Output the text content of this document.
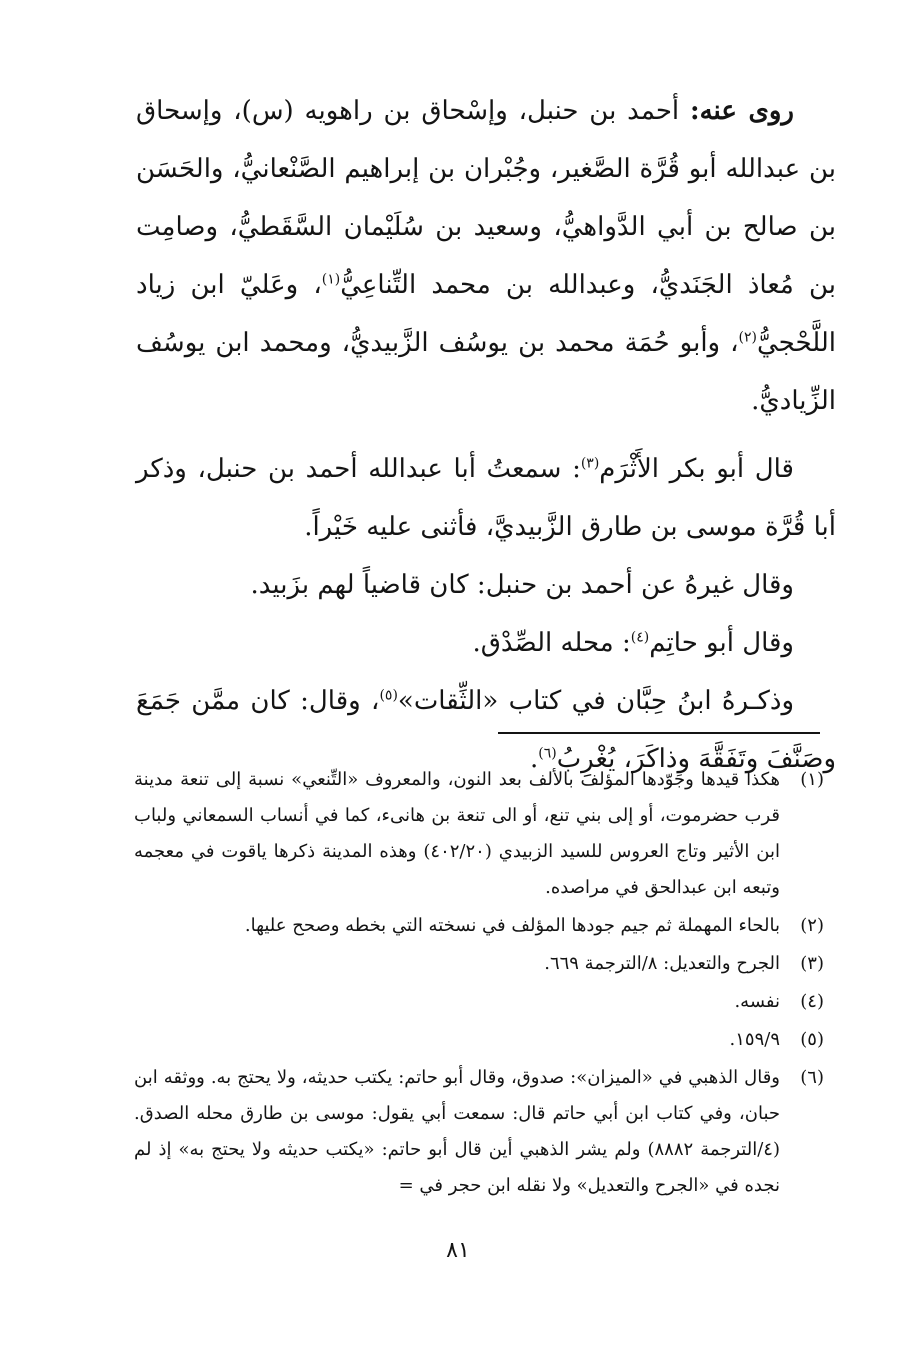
روى عنه: أحمد بن حنبل، وإسْحاق بن راهويه (س)، وإسحاق بن عبدالله أبو قُرَّة الصَّغير، وجُبْران بن إبراهيم الصَّنْعانيُّ، والحَسَن بن صالح بن أبي الدَّواهيُّ، وسعيد بن سُلَيْمان السَّقَطيُّ، وصامِت بن مُعاذ الجَنَديُّ، وعبدالله بن محمد التِّناعِيُّ$^{(١)}$، وعَليّ ابن زياد اللَّحْجيُّ$^{(٢)}$، وأبو حُمَة محمد بن يوسُف الزَّبيديُّ، ومحمد ابن يوسُف الزِّياديُّ.

قال أبو بكر الأَثْرَم$^{(٣)}$: سمعتُ أبا عبدالله أحمد بن حنبل، وذكر أبا قُرَّة موسى بن طارق الزَّبيديَّ، فأثنى عليه خَيْراً.

وقال غيرهُ عن أحمد بن حنبل: كان قاضياً لهم بزَبيد.

وقال أبو حاتِم$^{(٤)}$: محله الصِّدْق.

وذكـرهُ ابنُ حِبَّان في كتاب «الثِّقات»$^{(٥)}$، وقال: كان ممَّن جَمَعَ وصَنَّفَ وتَفَقَّهَ وذاكَرَ، يُغْرِبُ$^{(٦)}$.

(١)
هكذا قيدها وجَوّدها المؤلف بالألف بعد النون، والمعروف «التِّنعي» نسبة إلى تنعة مدينة قرب حضرموت، أو إلى بني تنع، أو الى تنعة بن هانىء، كما في أنساب السمعاني ولباب ابن الأثير وتاج العروس للسيد الزبيدي (٤٠٢/٢٠) وهذه المدينة ذكرها ياقوت في معجمه وتبعه ابن عبدالحق في مراصده.
(٢)
بالحاء المهملة ثم جيم جودها المؤلف في نسخته التي بخطه وصحح عليها.
(٣)
الجرح والتعديل: ٨/الترجمة ٦٦٩.
(٤)
نفسه.
(٥)
١٥٩/٩.
(٦)
وقال الذهبي في «الميزان»: صدوق، وقال أبو حاتم: يكتب حديثه، ولا يحتج به. ووثقه ابن حبان، وفي كتاب ابن أبي حاتم قال: سمعت أبي يقول: موسى بن طارق محله الصدق. (٤/الترجمة ٨٨٨٢) ولم يشر الذهبي أين قال أبو حاتم: «يكتب حديثه ولا يحتج به» إذ لم نجده في «الجرح والتعديل» ولا نقله ابن حجر في =
٨١
